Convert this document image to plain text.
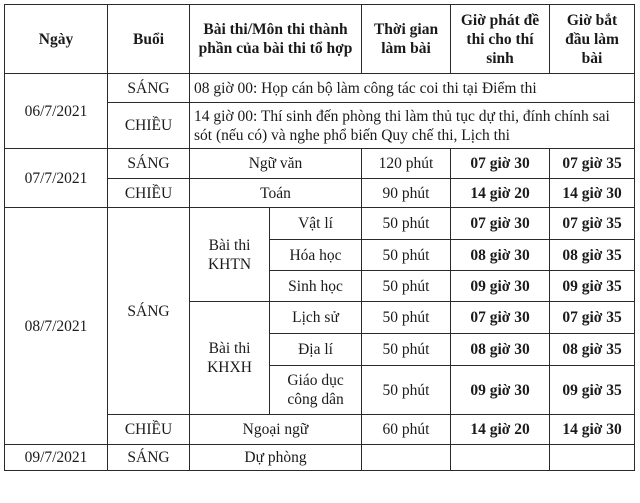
Ngày	Buổi	Bài thi/Môn thi thành phần của bài thi tổ hợp		Thời gian làm bài	Giờ phát đề thi cho thí sinh	Giờ bắt đầu làm bài
06/7/2021	SÁNG	08 giờ 00: Họp cán bộ làm công tác coi thi tại Điểm thi				
	CHIỀU	14 giờ 00: Thí sinh đến phòng thi làm thủ tục dự thi, đính chính sai sót (nếu có) và nghe phổ biến Quy chế thi, Lịch thi				
07/7/2021	SÁNG	Ngữ văn		120 phút	07 giờ 30	07 giờ 35
	CHIỀU	Toán		90 phút	14 giờ 20	14 giờ 30
08/7/2021	SÁNG	Bài thi KHTN	Vật lí	50 phút	07 giờ 30	07 giờ 35
			Hóa học	50 phút	08 giờ 30	08 giờ 35
			Sinh học	50 phút	09 giờ 30	09 giờ 35
		Bài thi KHXH	Lịch sử	50 phút	07 giờ 30	07 giờ 35
			Địa lí	50 phút	08 giờ 30	08 giờ 35
			Giáo dục công dân	50 phút	09 giờ 30	09 giờ 35
	CHIỀU	Ngoại ngữ		60 phút	14 giờ 20	14 giờ 30
09/7/2021	SÁNG	Dự phòng				
